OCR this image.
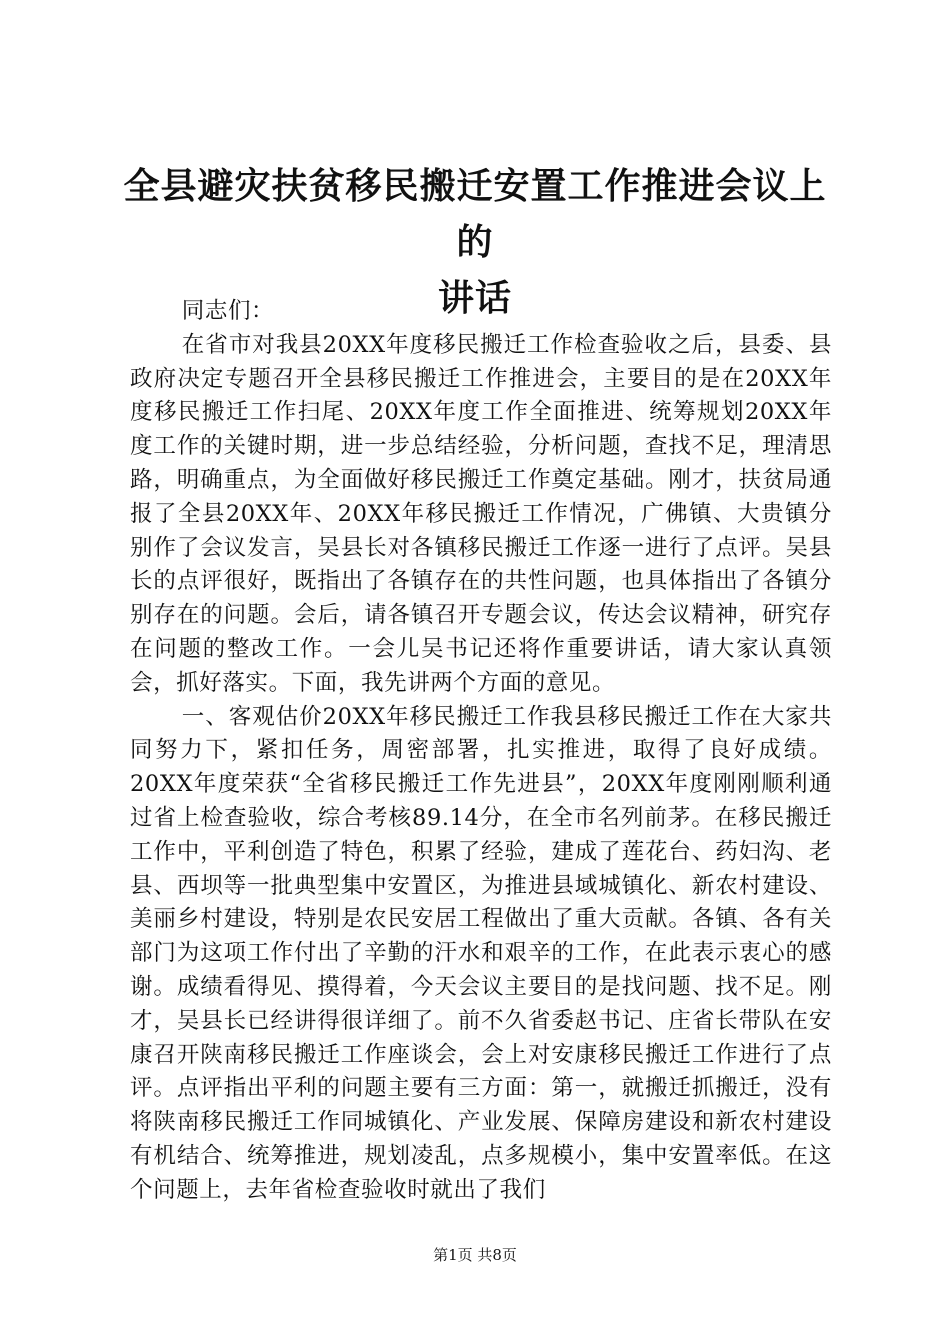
全县避灾扶贫移民搬迁安置工作推进会议上的
讲话

同志们：

在省市对我县20XX年度移民搬迁工作检查验收之后，县委、县政府决定专题召开全县移民搬迁工作推进会，主要目的是在20XX年度移民搬迁工作扫尾、20XX年度工作全面推进、统筹规划20XX年度工作的关键时期，进一步总结经验，分析问题，查找不足，理清思路，明确重点，为全面做好移民搬迁工作奠定基础。刚才，扶贫局通报了全县20XX年、20XX年移民搬迁工作情况，广佛镇、大贵镇分别作了会议发言，吴县长对各镇移民搬迁工作逐一进行了点评。吴县长的点评很好，既指出了各镇存在的共性问题，也具体指出了各镇分别存在的问题。会后，请各镇召开专题会议，传达会议精神，研究存在问题的整改工作。一会儿吴书记还将作重要讲话，请大家认真领会，抓好落实。下面，我先讲两个方面的意见。

一、客观估价20XX年移民搬迁工作我县移民搬迁工作在大家共同努力下，紧扣任务，周密部署，扎实推进，取得了良好成绩。20XX年度荣获“全省移民搬迁工作先进县”，20XX年度刚刚顺利通过省上检查验收，综合考核89.14分，在全市名列前茅。在移民搬迁工作中，平利创造了特色，积累了经验，建成了莲花台、药妇沟、老县、西坝等一批典型集中安置区，为推进县域城镇化、新农村建设、美丽乡村建设，特别是农民安居工程做出了重大贡献。各镇、各有关部门为这项工作付出了辛勤的汗水和艰辛的工作，在此表示衷心的感谢。成绩看得见、摸得着，今天会议主要目的是找问题、找不足。刚才，吴县长已经讲得很详细了。前不久省委赵书记、庄省长带队在安康召开陕南移民搬迁工作座谈会，会上对安康移民搬迁工作进行了点评。点评指出平利的问题主要有三方面：第一，就搬迁抓搬迁，没有将陕南移民搬迁工作同城镇化、产业发展、保障房建设和新农村建设有机结合、统筹推进，规划凌乱，点多规模小，集中安置率低。在这个问题上，去年省检查验收时就出了我们

第1页 共8页
